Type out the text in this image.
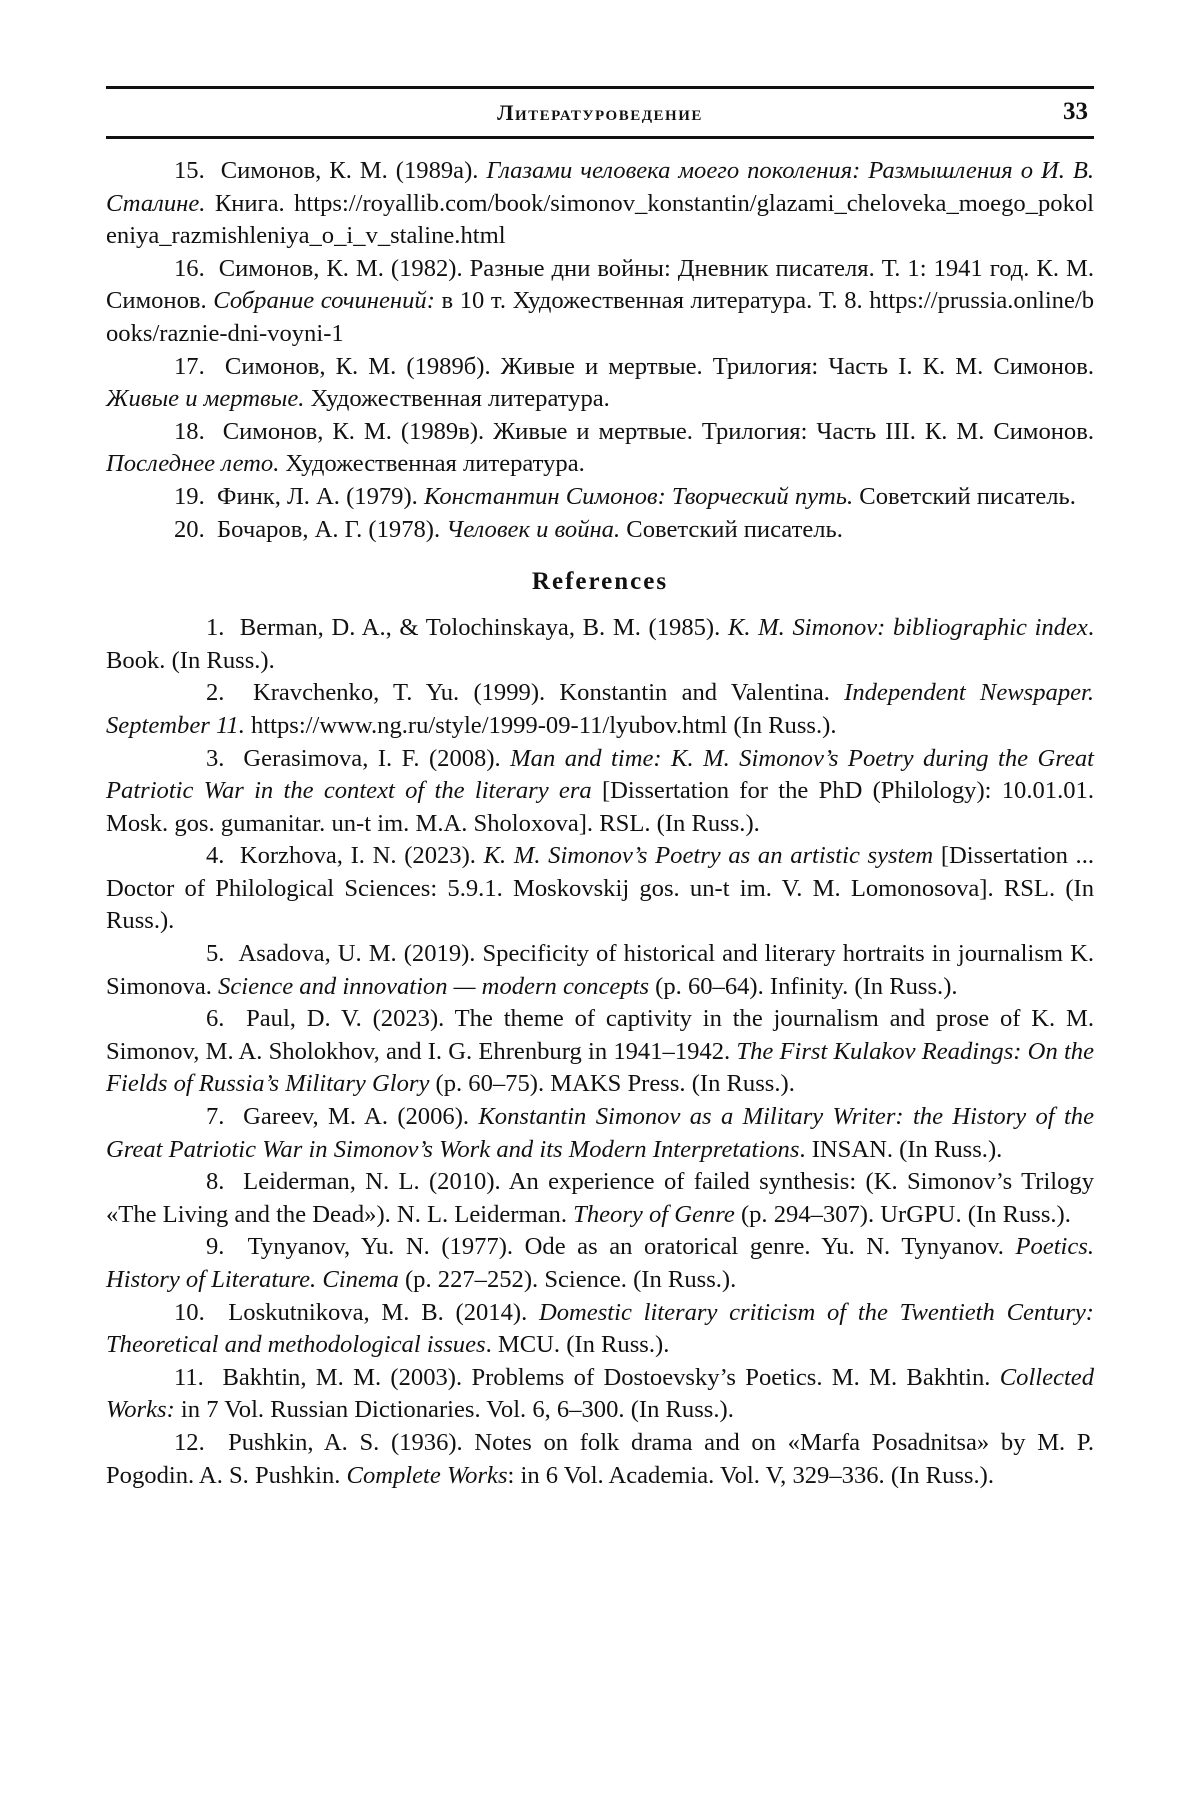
Литературоведение	33

15. Симонов, К. М. (1989а). Глазами человека моего поколения: Размышления о И. В. Сталине. Книга. https://royallib.com/book/simonov_konstantin/glazami_cheloveka_moego_pokoleniya_razmishleniya_o_i_v_staline.html

16. Симонов, К. М. (1982). Разные дни войны: Дневник писателя. Т. 1: 1941 год. К. М. Симонов. Собрание сочинений: в 10 т. Художественная литература. Т. 8. https://prussia.online/books/raznie-dni-voyni-1

17. Симонов, К. М. (1989б). Живые и мертвые. Трилогия: Часть I. К. М. Симонов. Живые и мертвые. Художественная литература.

18. Симонов, К. М. (1989в). Живые и мертвые. Трилогия: Часть III. К. М. Симонов. Последнее лето. Художественная литература.

19. Финк, Л. А. (1979). Константин Симонов: Творческий путь. Советский писатель.

20. Бочаров, А. Г. (1978). Человек и война. Советский писатель.

References

1. Berman, D. A., & Tolochinskaya, B. M. (1985). K. M. Simonov: bibliographic index. Book. (In Russ.).

2. Kravchenko, T. Yu. (1999). Konstantin and Valentina. Independent Newspaper. September 11. https://www.ng.ru/style/1999-09-11/lyubov.html (In Russ.).

3. Gerasimova, I. F. (2008). Man and time: K. M. Simonov’s Poetry during the Great Patriotic War in the context of the literary era [Dissertation for the PhD (Philology): 10.01.01. Mosk. gos. gumanitar. un-t im. M.A. Sholoxova]. RSL. (In Russ.).

4. Korzhova, I. N. (2023). K. M. Simonov’s Poetry as an artistic system [Dissertation ... Doctor of Philological Sciences: 5.9.1. Moskovskij gos. un-t im. V. M. Lomonosova]. RSL. (In Russ.).

5. Asadova, U. M. (2019). Specificity of historical and literary hortraits in journalism K. Simonova. Science and innovation — modern concepts (p. 60–64). Infinity. (In Russ.).

6. Paul, D. V. (2023). The theme of captivity in the journalism and prose of K. M. Simonov, M. A. Sholokhov, and I. G. Ehrenburg in 1941–1942. The First Kulakov Readings: On the Fields of Russia’s Military Glory (p. 60–75). MAKS Press. (In Russ.).

7. Gareev, M. A. (2006). Konstantin Simonov as a Military Writer: the History of the Great Patriotic War in Simonov’s Work and its Modern Interpretations. INSAN. (In Russ.).

8. Leiderman, N. L. (2010). An experience of failed synthesis: (K. Simonov’s Trilogy «The Living and the Dead»). N. L. Leiderman. Theory of Genre (p. 294–307). UrGPU. (In Russ.).

9. Tynyanov, Yu. N. (1977). Ode as an oratorical genre. Yu. N. Tynyanov. Poetics. History of Literature. Cinema (p. 227–252). Science. (In Russ.).

10. Loskutnikova, M. B. (2014). Domestic literary criticism of the Twentieth Century: Theoretical and methodological issues. MCU. (In Russ.).

11. Bakhtin, M. M. (2003). Problems of Dostoevsky’s Poetics. M. M. Bakhtin. Collected Works: in 7 Vol. Russian Dictionaries. Vol. 6, 6–300. (In Russ.).

12. Pushkin, A. S. (1936). Notes on folk drama and on «Marfa Posadnitsa» by M. P. Pogodin. A. S. Pushkin. Complete Works: in 6 Vol. Academia. Vol. V, 329–336. (In Russ.).
